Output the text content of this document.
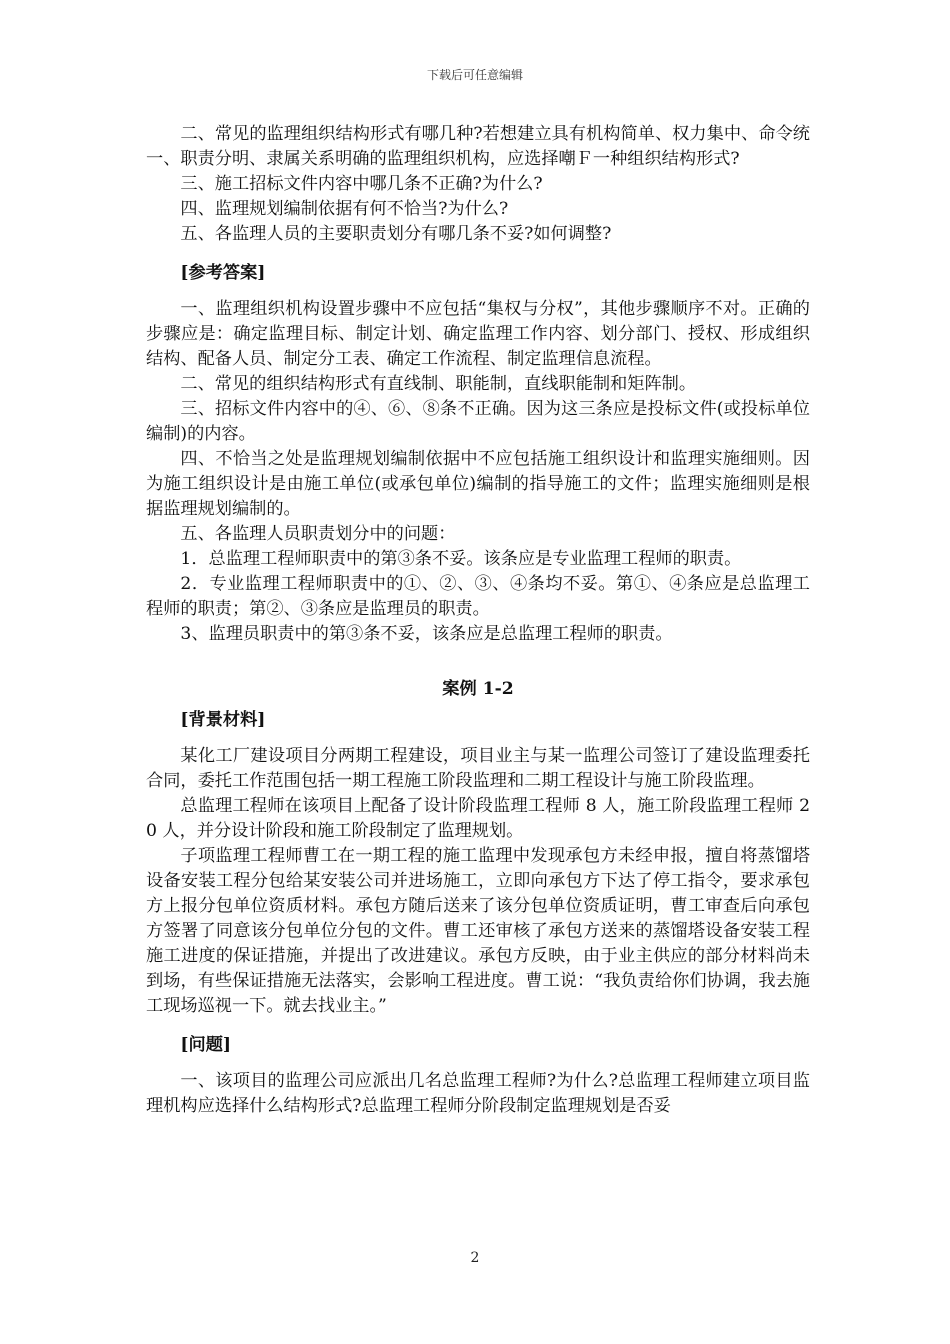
下载后可任意编辑

二、常见的监理组织结构形式有哪几种?若想建立具有机构简单、权力集中、命令统一、职责分明、隶属关系明确的监理组织机构，应选择嘲Ｆ一种组织结构形式?

三、施工招标文件内容中哪几条不正确?为什么?

四、监理规划编制依据有何不恰当?为什么?

五、各监理人员的主要职责划分有哪几条不妥?如何调整?

[参考答案]

一、监理组织机构设置步骤中不应包括“集权与分权”，其他步骤顺序不对。正确的步骤应是：确定监理目标、制定计划、确定监理工作内容、划分部门、授权、形成组织结构、配备人员、制定分工表、确定工作流程、制定监理信息流程。

二、常见的组织结构形式有直线制、职能制，直线职能制和矩阵制。

三、招标文件内容中的④、⑥、⑧条不正确。因为这三条应是投标文件(或投标单位编制)的内容。

四、不恰当之处是监理规划编制依据中不应包括施工组织设计和监理实施细则。因为施工组织设计是由施工单位(或承包单位)编制的指导施工的文件；监理实施细则是根据监理规划编制的。

五、各监理人员职责划分中的问题：

1．总监理工程师职责中的第③条不妥。该条应是专业监理工程师的职责。

2．专业监理工程师职责中的①、②、③、④条均不妥。第①、④条应是总监理工程师的职责；第②、③条应是监理员的职责。

3、监理员职责中的第③条不妥，该条应是总监理工程师的职责。

案例 1-2
[背景材料]

某化工厂建设项目分两期工程建设，项目业主与某一监理公司签订了建设监理委托合同，委托工作范围包括一期工程施工阶段监理和二期工程设计与施工阶段监理。

总监理工程师在该项目上配备了设计阶段监理工程师 8 人，施工阶段监理工程师 20 人，并分设计阶段和施工阶段制定了监理规划。

子项监理工程师曹工在一期工程的施工监理中发现承包方未经申报，擅自将蒸馏塔设备安装工程分包给某安装公司并进场施工，立即向承包方下达了停工指令，要求承包方上报分包单位资质材料。承包方随后送来了该分包单位资质证明，曹工审查后向承包方签署了同意该分包单位分包的文件。曹工还审核了承包方送来的蒸馏塔设备安装工程施工进度的保证措施，并提出了改进建议。承包方反映，由于业主供应的部分材料尚未到场，有些保证措施无法落实，会影响工程进度。曹工说：“我负责给你们协调，我去施工现场巡视一下。就去找业主。”

[问题]

一、该项目的监理公司应派出几名总监理工程师?为什么?总监理工程师建立项目监理机构应选择什么结构形式?总监理工程师分阶段制定监理规划是否妥

2
